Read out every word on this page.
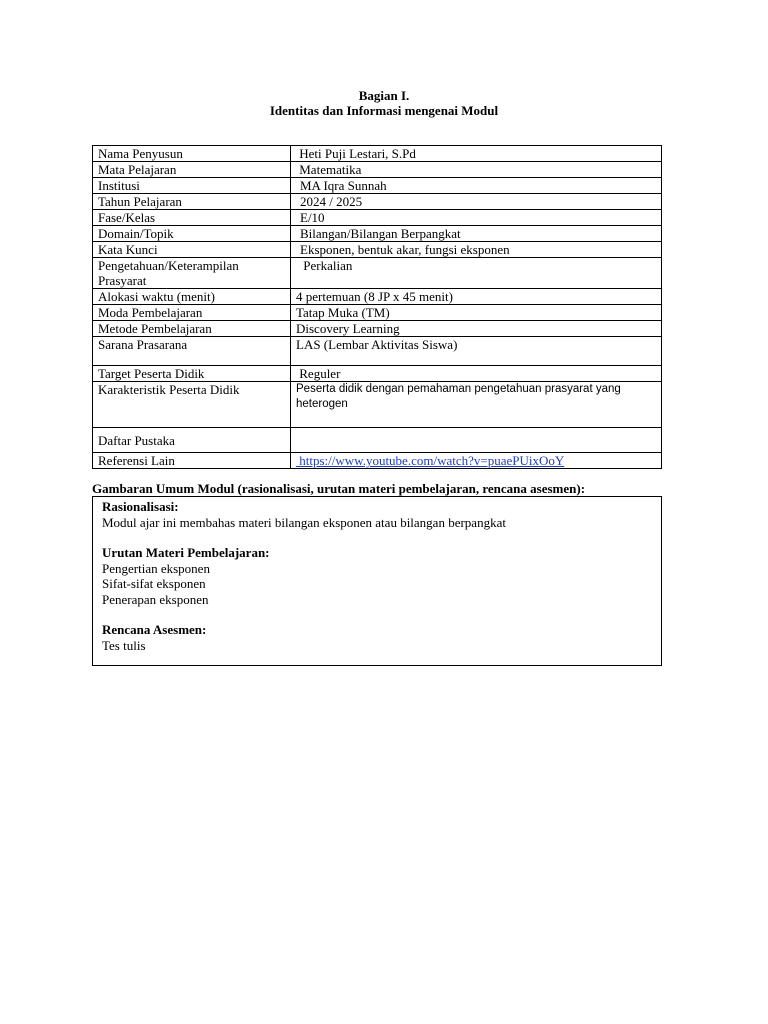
Bagian I.
Identitas dan Informasi mengenai Modul
Nama Penyusun	Heti Puji Lestari, S.Pd
Mata Pelajaran	Matematika
Institusi	MA Iqra Sunnah
Tahun Pelajaran	2024 / 2025
Fase/Kelas	E/10
Domain/Topik	Bilangan/Bilangan Berpangkat
Kata Kunci	Eksponen, bentuk akar, fungsi eksponen
Pengetahuan/Keterampilan Prasyarat	Perkalian
Alokasi waktu (menit)	4 pertemuan (8 JP x 45 menit)
Moda Pembelajaran	Tatap Muka (TM)
Metode Pembelajaran	Discovery Learning
Sarana Prasarana	LAS (Lembar Aktivitas Siswa)
Target Peserta Didik	Reguler
Karakteristik Peserta Didik	Peserta didik dengan pemahaman pengetahuan prasyarat yang heterogen
Daftar Pustaka	
Referensi Lain	https://www.youtube.com/watch?v=puaePUixOoY
Gambaran Umum Modul (rasionalisasi, urutan materi pembelajaran, rencana asesmen):
Rasionalisasi:
Modul ajar ini membahas materi bilangan eksponen atau bilangan berpangkat
Urutan Materi Pembelajaran:
Pengertian eksponen
Sifat-sifat eksponen
Penerapan eksponen
Rencana Asesmen:
Tes tulis
